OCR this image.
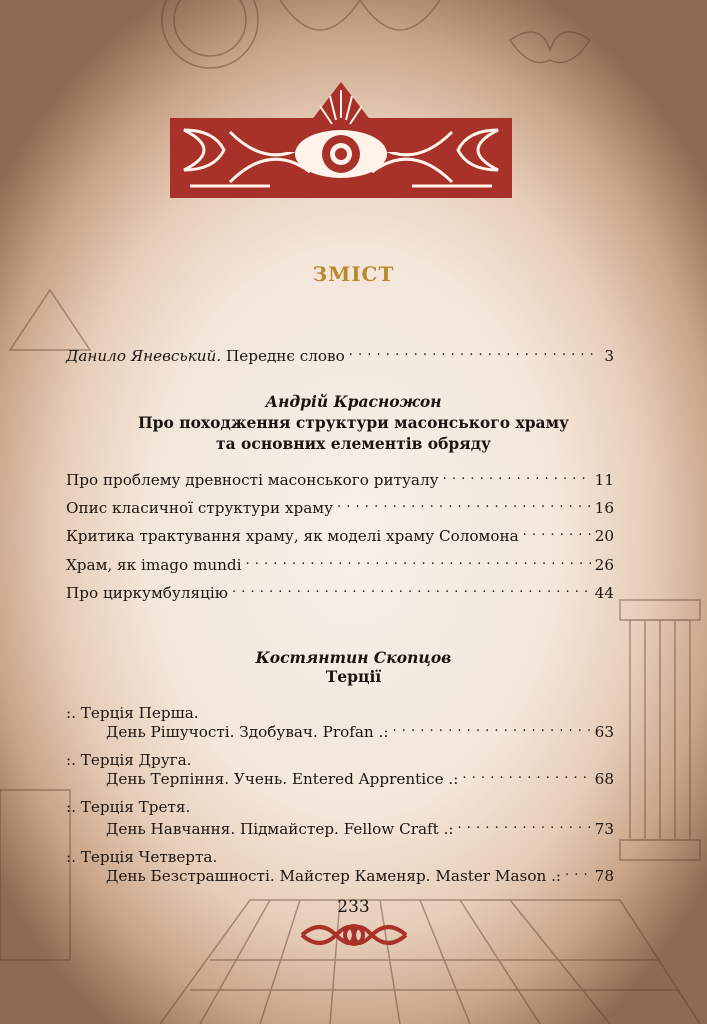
ЗМІСТ
Данило Яневський. Переднє слово . . .	3
Андрій Красножон
Про походження структури масонського храму
та основних елементів обряду
Про проблему древності масонського ритуалу . . .	11
Опис класичної структури храму . . .	16
Критика трактування храму, як моделі храму Соломона . . .	20
Храм, як imago mundi . . .	26
Про циркумбуляцію . . .	44
Костянтин Скопцов
Терції
:. Терція Перша.
День Рішучості. Здобувач. Profan .: . . .	63
:. Терція Друга.
День Терпіння. Учень. Entered Apprentice .: . . .	68
:. Терція Третя.
День Навчання. Підмайстер. Fellow Craft .: . . .	73
:. Терція Четверта.
День Безстрашності. Майстер Каменяр. Master Mason .: . . . 78
233
